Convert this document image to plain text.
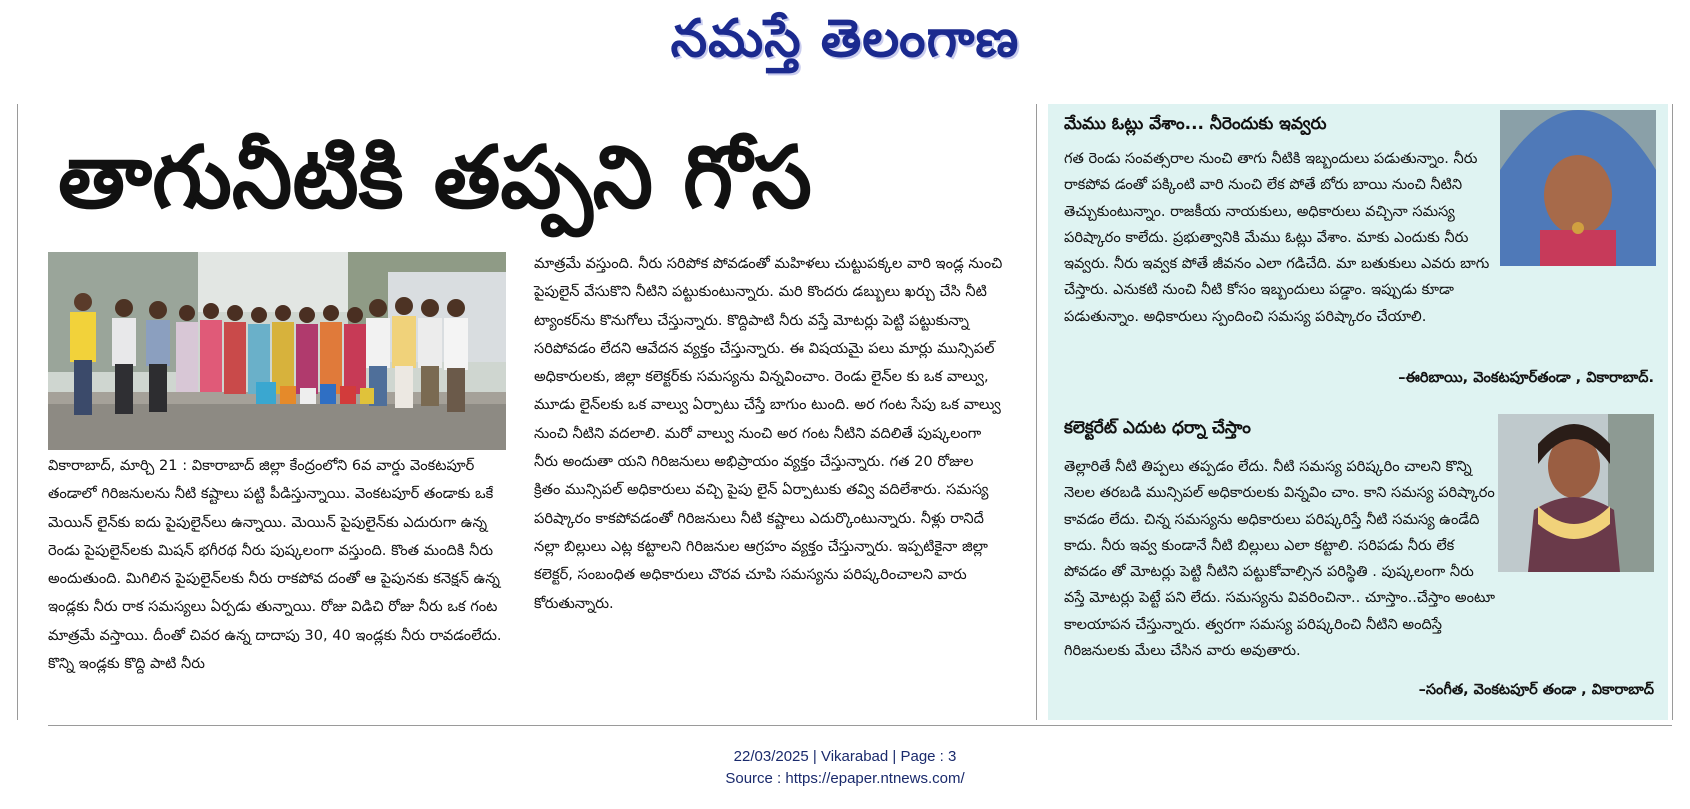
నమస్తే తెలంగాణ
తాగునీటికి తప్పని గోస

వికారాబాద్, మార్చి 21 : వికారాబాద్ జిల్లా కేంద్రంలోని 6వ వార్డు వెంకటపూర్ తండాలో గిరిజనులను నీటి కష్టాలు పట్టి పీడిస్తున్నాయి. వెంకటపూర్ తండాకు ఒకే మెయిన్ లైన్‌కు ఐదు పైపులైన్‌లు ఉన్నాయి. మెయిన్ పైపులైన్‌కు ఎదురుగా ఉన్న రెండు పైపులైన్‌లకు మిషన్ భగీరథ నీరు పుష్కలంగా వస్తుంది. కొంత మందికి నీరు అందుతుంది. మిగిలిన పైపులైన్‌లకు నీరు రాకపోవ దంతో ఆ పైపునకు కనెక్షన్ ఉన్న ఇండ్లకు నీరు రాక సమస్యలు ఏర్పడు తున్నాయి. రోజు విడిచి రోజు నీరు ఒక గంట మాత్రమే వస్తాయి. దీంతో చివర ఉన్న దాదాపు 30, 40 ఇండ్లకు నీరు రావడంలేదు. కొన్ని ఇండ్లకు కొద్ది పాటి నీరు

మాత్రమే వస్తుంది. నీరు సరిపోక పోవడంతో మహిళలు చుట్టుపక్కల వారి ఇండ్ల నుంచి పైపులైన్ వేసుకొని నీటిని పట్టుకుంటున్నారు. మరి కొందరు డబ్బులు ఖర్చు చేసి నీటి ట్యాంకర్‌ను కొనుగోలు చేస్తున్నారు. కొద్దిపాటి నీరు వస్తే మోటర్లు పెట్టి పట్టుకున్నా సరిపోవడం లేదని ఆవేదన వ్యక్తం చేస్తున్నారు. ఈ విషయమై పలు మార్లు మున్సిపల్ అధికారులకు, జిల్లా కలెక్టర్‌కు సమస్యను విన్నవించాం. రెండు లైన్‌ల కు ఒక వాల్వు, మూడు లైన్‌లకు ఒక వాల్వు ఏర్పాటు చేస్తే బాగుం టుంది. అర గంట సేపు ఒక వాల్వు నుంచి నీటిని వదలాలి. మరో వాల్వు నుంచి అర గంట నీటిని వదిలితే పుష్కలంగా నీరు అందుతా యని గిరిజనులు అభిప్రాయం వ్యక్తం చేస్తున్నారు. గత 20 రోజుల క్రితం మున్సిపల్ అధికారులు వచ్చి పైపు లైన్ ఏర్పాటుకు తవ్వి వదిలేశారు. సమస్య పరిష్కారం కాకపోవడంతో గిరిజనులు నీటి కష్టాలు ఎదుర్కొంటున్నారు. నీళ్లు రానిదే నల్లా బిల్లులు ఎట్ల కట్టాలని గిరిజనుల ఆగ్రహం వ్యక్తం చేస్తున్నారు. ఇప్పటికైనా జిల్లా కలెక్టర్, సంబంధిత అధికారులు చొరవ చూపి సమస్యను పరిష్కరించాలని వారు కోరుతున్నారు.

మేము ఓట్లు వేశాం... నీరెందుకు ఇవ్వరు
గత రెండు సంవత్సరాల నుంచి తాగు నీటికి ఇబ్బందులు పడుతున్నాం. నీరు రాకపోవ డంతో పక్కింటి వారి నుంచి లేక పోతే బోరు బాయి నుంచి నీటిని తెచ్చుకుంటున్నాం. రాజకీయ నాయకులు, అధికారులు వచ్చినా సమస్య పరిష్కారం కాలేదు. ప్రభుత్వానికి మేము ఓట్లు వేశాం. మాకు ఎందుకు నీరు ఇవ్వరు. నీరు ఇవ్వక పోతే జీవనం ఎలా గడిచేది. మా బతుకులు ఎవరు బాగు చేస్తారు. ఎనుకటి నుంచి నీటి కోసం ఇబ్బందులు పడ్డాం. ఇప్పుడు కూడా పడుతున్నాం. అధికారులు స్పందించి సమస్య పరిష్కారం చేయాలి.
–ఈరిబాయి, వెంకటపూర్‌తండా , వికారాబాద్.
కలెక్టరేట్ ఎదుట ధర్నా చేస్తాం
తెల్లారితే నీటి తిప్పలు తప్పడం లేదు. నీటి సమస్య పరిష్కరిం చాలని కొన్ని నెలల తరబడి మున్సిపల్ అధికారులకు విన్నవిం చాం. కాని సమస్య పరిష్కారం కావడం లేదు. చిన్న సమస్యను అధికారులు పరిష్కరిస్తే నీటి సమస్య ఉండేది కాదు. నీరు ఇవ్వ కుండానే నీటి బిల్లులు ఎలా కట్టాలి. సరిపడు నీరు లేక పోవడం తో మోటర్లు పెట్టి నీటిని పట్టుకోవాల్సిన పరిస్థితి . పుష్కలంగా నీరు వస్తే మోటర్లు పెట్టే పని లేదు. సమస్యను వివరించినా.. చూస్తాం..చేస్తాం అంటూ కాలయాపన చేస్తున్నారు. త్వరగా సమస్య పరిష్కరించి నీటిని అందిస్తే గిరిజనులకు మేలు చేసిన వారు అవుతారు.
–సంగీత, వెంకటపూర్ తండా , వికారాబాద్
22/03/2025 | Vikarabad | Page : 3
Source : https://epaper.ntnews.com/
